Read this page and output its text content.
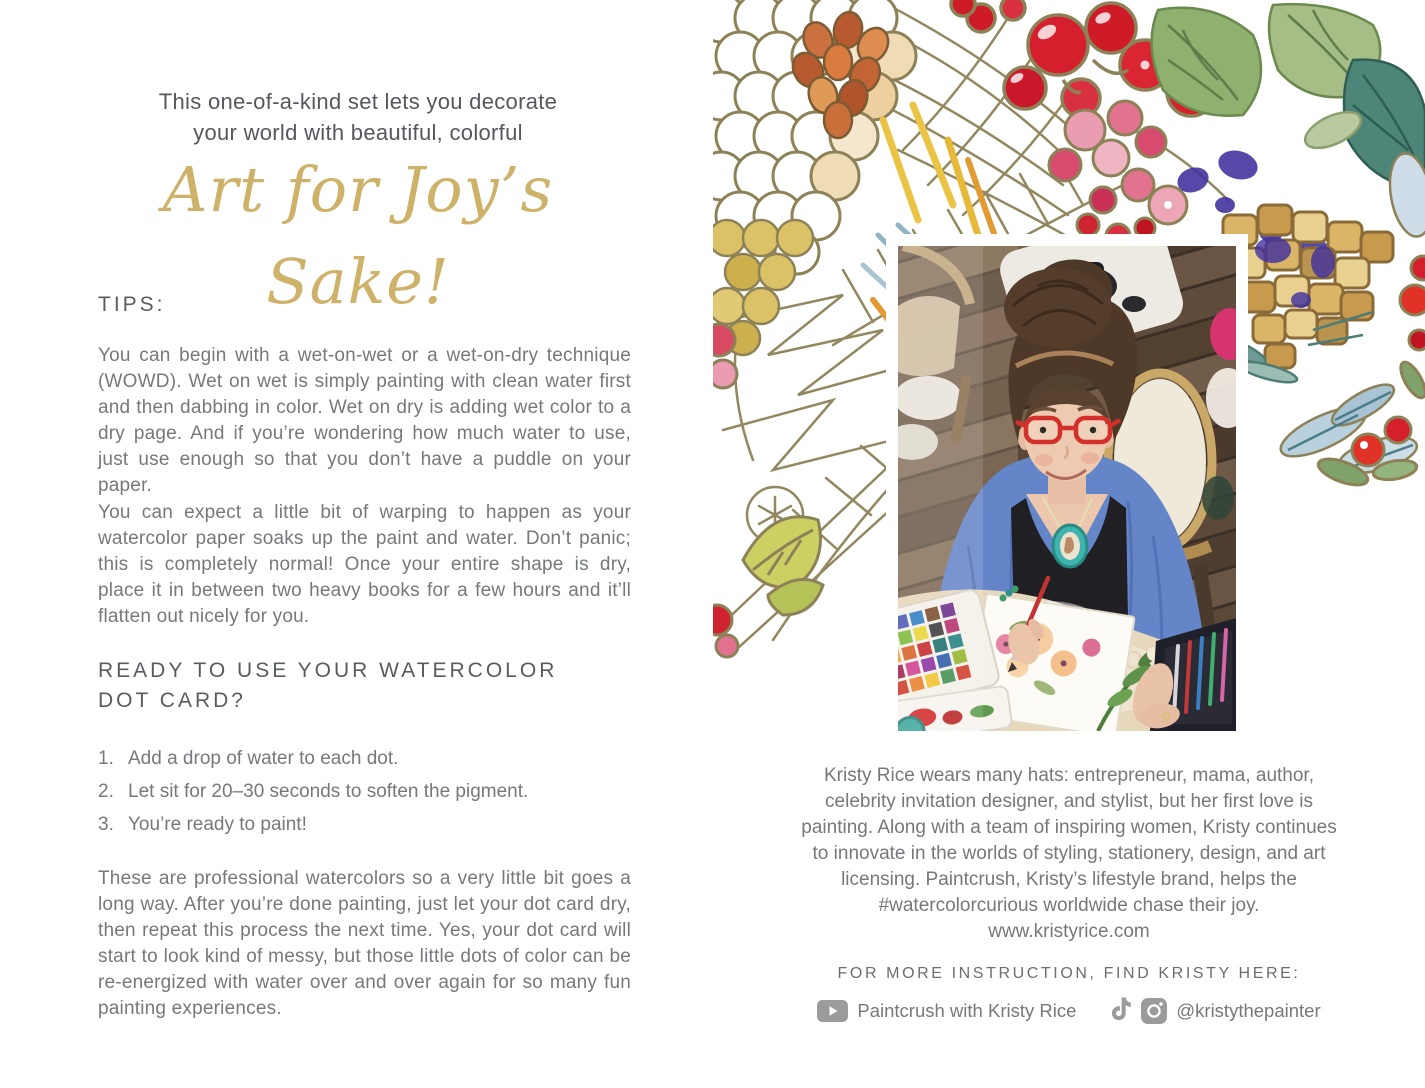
This one-of-a-kind set lets you decorate
your world with beautiful, colorful
Art for Joy’s Sake!
TIPS:

You can begin with a wet-on-wet or a wet-on-dry technique (WOWD). Wet on wet is simply painting with clean water first and then dabbing in color. Wet on dry is adding wet color to a dry page. And if you’re wondering how much water to use, just use enough so that you don’t have a puddle on your paper.

You can expect a little bit of warping to happen as your watercolor paper soaks up the paint and water. Don’t panic; this is completely normal! Once your entire shape is dry, place it in between two heavy books for a few hours and it’ll flatten out nicely for you.

READY TO USE YOUR WATERCOLOR
DOT CARD?
1. Add a drop of water to each dot.
2. Let sit for 20–30 seconds to soften the pigment.
3. You’re ready to paint!

These are professional watercolors so a very little bit goes a long way. After you’re done painting, just let your dot card dry, then repeat this process the next time. Yes, your dot card will start to look kind of messy, but those little dots of color can be re-energized with water over and over again for so many fun painting experiences.

Kristy Rice wears many hats: entrepreneur, mama, author, celebrity invitation designer, and stylist, but her first love is painting. Along with a team of inspiring women, Kristy continues to innovate in the worlds of styling, stationery, design, and art licensing. Paintcrush, Kristy’s lifestyle brand, helps the #watercolorcurious worldwide chase their joy.

www.kristyrice.com

FOR MORE INSTRUCTION, FIND KRISTY HERE:
Paintcrush with Kristy Rice	@kristythepainter
